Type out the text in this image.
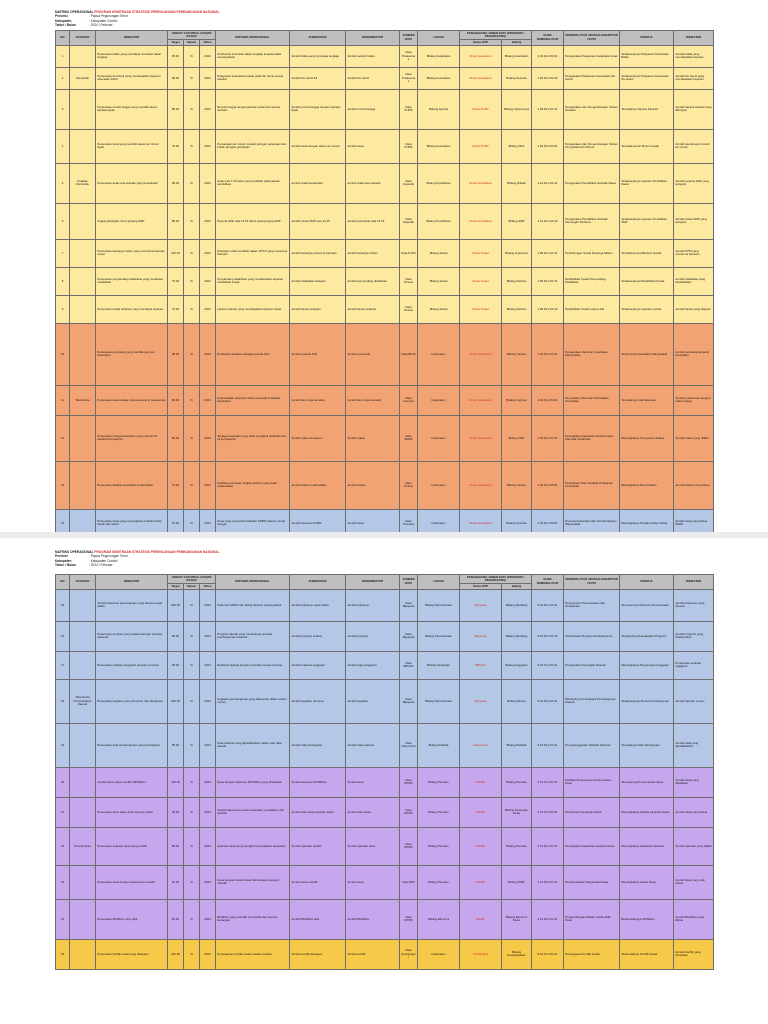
MATRIKS OPERASIONAL PROGRAM KEMITRAAN STRATEGIS PERENCANAAN PEMBANGUNAN NASIONAL
Provinsi	: Papua Pegunungan Timur
Kabupaten	: Kabupaten Contoh
Tahun / Bulan	: 2024 / Februari
NO	SASARAN	INDIKATOR	TARGET CAKUPAN LAYANAN DASAR			KRITERIA OPERASIONAL	NUMERATOR	DENOMINATOR	SUMBER DATA	LOKASI	PENANGGUNG JAWAB DATA (PROGRAM / PENANGGUNG)		KODE NOMENKLATUR	NOMENKLATUR URUSAN KABUPATEN / KOTA	KINERJA	INDIKATOR
			Target	Satuan	Tahun						Nama OPD	Bidang				
1		Persentase balita yang mendapat imunisasi dasar lengkap	95.00	%	2024	Pemberian imunisasi dasar lengkap kepada balita sesuai jadwal	Jumlah balita yang imunisasi lengkap	Jumlah seluruh balita	Data Puskesmas	Bidang Kesehatan	Dinas Kesehatan	Bidang Kesehatan	1.02.02.2.02.01	Pengelolaan Pelayanan Kesehatan Anak	Terlaksananya Pelayanan Kesehatan Balita	Jumlah balita yang mendapatkan layanan
2	Penduduk	Persentase ibu hamil yang mendapatkan layanan antenatal (ANC)	90.00	%	2024	Pelayanan antenatal terpadu pada ibu hamil sesuai standar	Jumlah ibu hamil K4	Jumlah ibu hamil	Data Puskesmas	Bidang Kesehatan	Dinas Kesehatan	Bidang Kesmas	1.02.02.2.02.02	Pengelolaan Pelayanan Kesehatan Ibu Hamil	Terlaksananya Pelayanan Kesehatan Ibu Hamil	Jumlah ibu hamil yang mendapatkan layanan
3		Persentase rumah tangga yang memiliki akses sanitasi layak	80.00	%	2024	Rumah tangga dengan jamban sehat dan sarana sanitasi	Jumlah rumah tangga dengan sanitasi layak	Jumlah rumah tangga	Data PUPR	Bidang Agraria	Dinas PUPR	Bidang Cipta Karya	1.03.03.2.01.01	Pengelolaan dan Pengembangan Sistem Sanitasi	Tersedianya Sarana Sanitasi	Jumlah sarana sanitasi yang dibangun
4		Persentase desa yang memiliki akses air minum layak	75.00	%	2024	Penyediaan air minum melalui jaringan perpipaan dan bukan jaringan perpipaan	Jumlah desa dengan akses air minum	Jumlah desa	Data PUPR	Bidang Kesehatan	Dinas PUPR	Bidang SDA	1.03.03.2.02.01	Pengelolaan dan Pengembangan Sistem Penyediaan Air Minum	Tersedianya Air Minum Layak	Jumlah sambungan rumah air minum
5	Kualitas Penduduk	Persentase anak usia sekolah yang bersekolah	95.00	%	2024	Anak usia 7-15 tahun yang terdaftar pada satuan pendidikan	Jumlah anak bersekolah	Jumlah anak usia sekolah	Data Dapodik	Bidang Pendidikan	Dinas Pendidikan	Bidang Dikdas	1.01.02.2.01.01	Pengelolaan Pendidikan Sekolah Dasar	Terlaksananya Layanan Pendidikan Dasar	Jumlah peserta didik yang terlayani
6		Angka partisipasi murni jenjang SMP	85.00	%	2024	Peserta didik usia 13-15 tahun pada jenjang SMP	Jumlah siswa SMP usia 13-15	Jumlah penduduk usia 13-15	Data Dapodik	Bidang Pendidikan	Dinas Pendidikan	Bidang SMP	1.01.02.2.01.02	Pengelolaan Pendidikan Sekolah Menengah Pertama	Terlaksananya Layanan Pendidikan SMP	Jumlah siswa SMP yang terlayani
7		Persentase keluarga miskin yang menerima bantuan sosial	100.00	%	2024	Keluarga miskin terdaftar dalam DTKS yang menerima bantuan	Jumlah keluarga penerima bantuan	Jumlah keluarga miskin	Data DTKS	Bidang Sosial	Dinas Sosial	Bidang Linjamsos	1.06.04.2.01.01	Perlindungan Sosial Keluarga Miskin	Tersalurkannya Bantuan Sosial	Jumlah KPM yang menerima bantuan
8		Persentase penyandang disabilitas yang mendapat rehabilitasi	70.00	%	2024	Penyandang disabilitas yang mendapatkan layanan rehabilitasi sosial	Jumlah disabilitas terlayani	Jumlah penyandang disabilitas	Data Dinsos	Bidang Sosial	Dinas Sosial	Bidang Rehsos	1.06.03.2.01.01	Rehabilitasi Sosial Penyandang Disabilitas	Terlaksananya Rehabilitasi Sosial	Jumlah disabilitas yang direhabilitasi
9		Persentase lansia terlantar yang mendapat layanan	70.00	%	2024	Lansia terlantar yang mendapatkan layanan dasar	Jumlah lansia terlayani	Jumlah lansia terlantar	Data Dinsos	Bidang Sosial	Dinas Sosial	Bidang Rehsos	1.06.03.2.01.02	Rehabilitasi Sosial Lanjut Usia	Terlaksananya Layanan Lansia	Jumlah lansia yang dilayani
10		Persentase penduduk yang memiliki jaminan kesehatan	95.00	%	2024	Penduduk terdaftar sebagai peserta JKN	Jumlah peserta JKN	Jumlah penduduk	Data BPJS	Kabupaten	Dinas Kesehatan	Bidang Yankes	1.02.02.2.03.01	Pengelolaan Jaminan Kesehatan Masyarakat	Terjaminnya Kesehatan Masyarakat	Jumlah penduduk terjamin kesehatan
11	Tata Kelola	Persentase ketersediaan obat esensial di puskesmas	90.00	%	2024	Ketersediaan obat dan vaksin esensial di fasilitas kesehatan	Jumlah item obat tersedia	Jumlah item obat esensial	Data Farmasi	Kabupaten	Dinas Kesehatan	Bidang Farmasi	1.02.02.2.04.01	Penyediaan Obat dan Perbekalan Kesehatan	Tersedianya Obat Esensial	Jumlah puskesmas dengan obat lengkap
12		Persentase tenaga kesehatan yang memenuhi standar kompetensi	80.00	%	2024	Tenaga kesehatan yang telah mengikuti pelatihan dan uji kompetensi	Jumlah nakes kompeten	Jumlah nakes	Data SDMK	Kabupaten	Dinas Kesehatan	Bidang SDK	1.02.03.2.01.01	Peningkatan Kapasitas Sumber Daya Manusia Kesehatan	Meningkatnya Kompetensi Nakes	Jumlah nakes yang dilatih
13		Persentase fasilitas kesehatan terakreditasi	75.00	%	2024	Fasilitas kesehatan tingkat pertama yang telah terakreditasi	Jumlah faskes terakreditasi	Jumlah faskes	Data Dinkes	Kabupaten	Dinas Kesehatan	Bidang Yankes	1.02.02.2.05.01	Pembinaan Mutu Fasilitas Pelayanan Kesehatan	Meningkatnya Mutu Faskes	Jumlah faskes yang dibina
14		Persentase desa yang menerapkan perilaku hidup bersih dan sehat	70.00	%	2024	Desa yang memenuhi indikator PHBS tatanan rumah tangga	Jumlah desa ber-PHBS	Jumlah desa	Data Promkes	Kabupaten	Dinas Kesehatan	Bidang Kesmas	1.02.02.2.06.01	Promosi Kesehatan dan Pemberdayaan Masyarakat	Meningkatnya Perilaku Hidup Sehat	Jumlah desa yang dibina PHBS
MATRIKS OPERASIONAL PROGRAM KEMITRAAN STRATEGIS PERENCANAAN PEMBANGUNAN NASIONAL
Provinsi	: Papua Pegunungan Timur
Kabupaten	: Kabupaten Contoh
Tahun / Bulan	: 2024 / Februari
NO	SASARAN	INDIKATOR	TARGET CAKUPAN LAYANAN DASAR			KRITERIA OPERASIONAL	NUMERATOR	DENOMINATOR	SUMBER DATA	LOKASI	PENANGGUNG JAWAB DATA (PROGRAM / PENANGGUNG)		KODE NOMENKLATUR	NOMENKLATUR URUSAN KABUPATEN / KOTA	KINERJA	INDIKATOR
			Target	Satuan	Tahun						Nama OPD	Bidang				
15		Jumlah dokumen perencanaan yang disusun tepat waktu	100.00	%	2024	Dokumen RKPD dan Renja disusun sesuai jadwal	Jumlah dokumen tepat waktu	Jumlah dokumen	Data Bappeda	Bidang Perencanaan	Bappeda	Bidang Renbang	5.01.02.2.01.01	Penyusunan Perencanaan dan Pendanaan	Tersusunnya Dokumen Perencanaan	Jumlah dokumen yang disusun
16		Persentase program yang selaras dengan prioritas nasional	90.00	%	2024	Program daerah yang mendukung prioritas pembangunan nasional	Jumlah program selaras	Jumlah program	Data Bappeda	Bidang Perencanaan	Bappeda	Bidang Renbang	5.01.02.2.01.02	Sinkronisasi Program Pembangunan	Terwujudnya Keselarasan Program	Jumlah program yang disinkronkan
17		Persentase realisasi anggaran program prioritas	95.00	%	2024	Realisasi belanja program prioritas sesuai rencana	Jumlah realisasi anggaran	Jumlah pagu anggaran	Data BPKAD	Bidang Keuangan	BPKAD	Bidang Anggaran	5.02.01.2.01.01	Pengelolaan Keuangan Daerah	Meningkatnya Penyerapan Anggaran	Persentase serapan anggaran
18	Tata Kelola Pemerintahan Daerah	Persentase kegiatan yang dimonitor dan dievaluasi	100.00	%	2024	Kegiatan pembangunan yang dilaporkan dalam sistem monev	Jumlah kegiatan dimonev	Jumlah kegiatan	Data Bappeda	Bidang Perencanaan	Bappeda	Bidang Monev	5.01.03.2.01.01	Monitoring dan Evaluasi Pembangunan Daerah	Terlaksananya Monev Pembangunan	Jumlah laporan monev
19		Persentase data pembangunan yang terintegrasi	85.00	%	2024	Data sektoral yang dipublikasikan dalam satu data daerah	Jumlah data terintegrasi	Jumlah data sektoral	Data Diskominfo	Bidang Statistik	Diskominfo	Bidang Statistik	2.16.03.2.01.01	Penyelenggaraan Statistik Sektoral	Tersedianya Data Terintegrasi	Jumlah data yang dipublikasikan
20		Jumlah desa yang memiliki RPJMDes	100.00	%	2024	Desa dengan dokumen RPJMDes yang ditetapkan	Jumlah desa ber-RPJMDes	Jumlah desa	Data DPMK	Bidang Pemdes	DPMK	Bidang Pemdes	2.13.01.2.01.01	Fasilitasi Penyusunan Perencanaan Desa	Tersusunnya Perencanaan Desa	Jumlah desa yang difasilitasi
21		Persentase dana desa untuk layanan dasar	30.00	%	2024	Alokasi dana desa untuk kesehatan, pendidikan dan sanitasi	Jumlah dana desa layanan dasar	Jumlah dana desa	Data DPMK	Bidang Pemdes	DPMK	Bidang Keuangan Desa	2.13.01.2.02.01	Pembinaan Keuangan Desa	Meningkatnya Alokasi Layanan Dasar	Jumlah desa yang dibina
22	Kinerja Desa	Persentase aparatur desa yang terlatih	80.00	%	2024	Aparatur desa yang mengikuti peningkatan kapasitas	Jumlah aparatur terlatih	Jumlah aparatur desa	Data DPMK	Bidang Pemdes	DPMK	Bidang Pemdes	2.13.02.2.01.01	Peningkatan Kapasitas Aparatur Desa	Meningkatnya Kapasitas Aparatur	Jumlah aparatur yang dilatih
23		Persentase desa dengan status desa mandiri	20.00	%	2024	Desa dengan Indeks Desa Membangun kategori mandiri	Jumlah desa mandiri	Jumlah desa	Data IDM	Bidang Pemdes	DPMK	Bidang PMD	2.13.03.2.01.01	Pemberdayaan Masyarakat Desa	Meningkatnya Status Desa	Jumlah desa yang naik status
24		Persentase BUMDes yang aktif	60.00	%	2024	BUMDes yang memiliki unit usaha dan laporan keuangan	Jumlah BUMDes aktif	Jumlah BUMDes	Data DPMK	Bidang Ekonomi	DPMK	Bidang Ekonomi Desa	2.13.04.2.01.01	Pengembangan Badan Usaha Milik Desa	Berkembangnya BUMDes	Jumlah BUMDes yang dibina
25		Persentase konflik sosial yang ditangani	100.00	%	2024	Penanganan konflik sosial melalui mediasi	Jumlah konflik ditangani	Jumlah konflik	Data Kesbangpol	Kabupaten	Kesbangpol	Bidang Kewaspadaan	8.01.01.2.01.01	Penanganan Konflik Sosial	Terkendalinya Konflik Sosial	Jumlah konflik yang dimediasi
